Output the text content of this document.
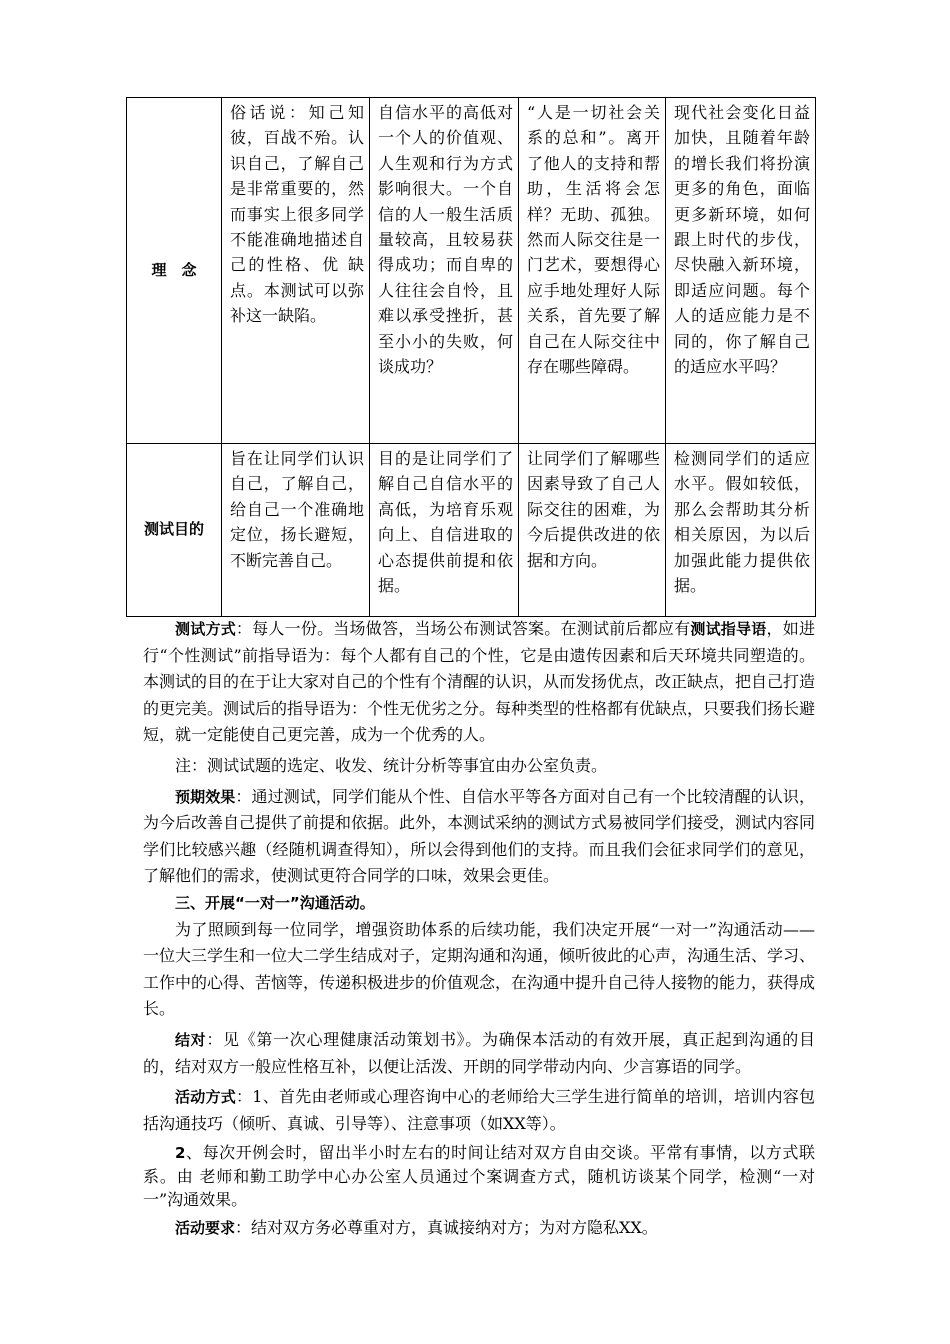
理　念	俗话说：知己知彼，百战不殆。认识自己，了解自己是非常重要的，然而事实上很多同学不能准确地描述自己的性格、优 缺点。本测试可以弥补这一缺陷。	自信水平的高低对一个人的价值观、人生观和行为方式影响很大。一个自信的人一般生活质量较高，且较易获得成功；而自卑的人往往会自怜，且难以承受挫折，甚至小小的失败，何谈成功？	“人是一切社会关系的总和”。离开了他人的支持和帮助，生活将会怎样？无助、孤独。然而人际交往是一门艺术，要想得心应手地处理好人际关系，首先要了解自己在人际交往中存在哪些障碍。	现代社会变化日益加快，且随着年龄的增长我们将扮演更多的角色，面临更多新环境，如何跟上时代的步伐，尽快融入新环境，即适应问题。每个人的适应能力是不同的，你了解自己的适应水平吗？
测试目的	旨在让同学们认识自己，了解自己，给自己一个准确地定位，扬长避短，不断完善自己。	目的是让同学们了解自己自信水平的高低，为培育乐观向上、自信进取的心态提供前提和依据。	让同学们了解哪些因素导致了自己人际交往的困难，为今后提供改进的依据和方向。	检测同学们的适应水平。假如较低，那么会帮助其分析相关原因，为以后加强此能力提供依据。

测试方式：每人一份。当场做答，当场公布测试答案。在测试前后都应有测试指导语，如进行“个性测试”前指导语为：每个人都有自己的个性，它是由遗传因素和后天环境共同塑造的。本测试的目的在于让大家对自己的个性有个清醒的认识，从而发扬优点，改正缺点，把自己打造的更完美。测试后的指导语为：个性无优劣之分。每种类型的性格都有优缺点，只要我们扬长避短，就一定能使自己更完善，成为一个优秀的人。

注：测试试题的选定、收发、统计分析等事宜由办公室负责。

预期效果：通过测试，同学们能从个性、自信水平等各方面对自己有一个比较清醒的认识，为今后改善自己提供了前提和依据。此外，本测试采纳的测试方式易被同学们接受，测试内容同学们比较感兴趣（经随机调查得知），所以会得到他们的支持。而且我们会征求同学们的意见，了解他们的需求，使测试更符合同学的口味，效果会更佳。

三、开展“一对一”沟通活动。

为了照顾到每一位同学，增强资助体系的后续功能，我们决定开展“一对一”沟通活动——一位大三学生和一位大二学生结成对子，定期沟通和沟通，倾听彼此的心声，沟通生活、学习、工作中的心得、苦恼等，传递积极进步的价值观念，在沟通中提升自己待人接物的能力，获得成长。

结对：见《第一次心理健康活动策划书》。为确保本活动的有效开展，真正起到沟通的目的，结对双方一般应性格互补，以便让活泼、开朗的同学带动内向、少言寡语的同学。

活动方式：1、首先由老师或心理咨询中心的老师给大三学生进行简单的培训，培训内容包括沟通技巧（倾听、真诚、引导等）、注意事项（如XX等）。

2、每次开例会时，留出半小时左右的时间让结对双方自由交谈。平常有事情，以方式联系。由 老师和勤工助学中心办公室人员通过个案调查方式，随机访谈某个同学，检测“一对一”沟通效果。

活动要求：结对双方务必尊重对方，真诚接纳对方；为对方隐私XX。
